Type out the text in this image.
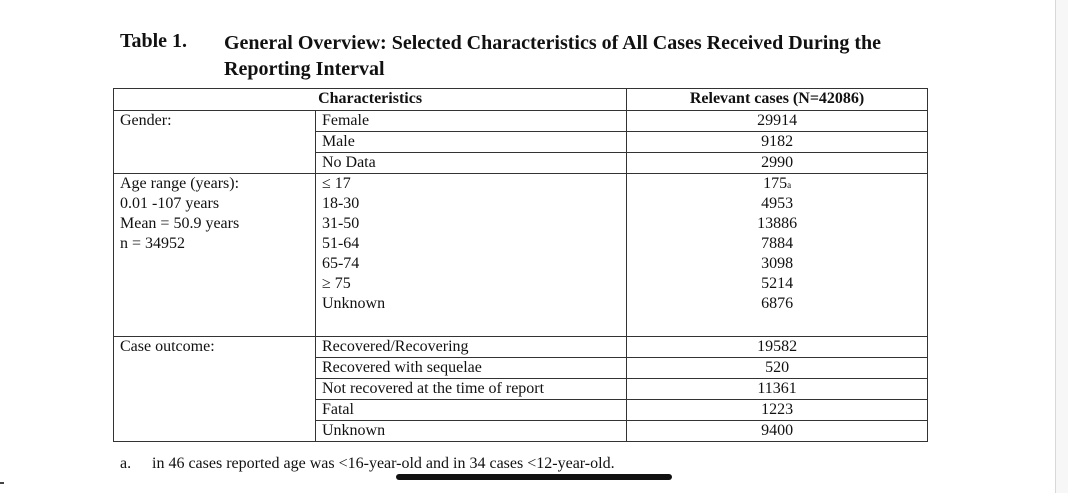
Table 1. General Overview: Selected Characteristics of All Cases Received During the Reporting Interval
Characteristics		Relevant cases (N=42086)
Gender:	Female	29914
	Male	9182
	No Data	2990

Age range (years):
0.01 -107 years
Mean = 50.9 years
n = 34952	≤ 17	175$^a$
	18-30	4953
	31-50	13886
	51-64	7884
	65-74	3098
	≥ 75	5214
	Unknown	6876

Case outcome:	Recovered/Recovering	19582
	Recovered with sequelae	520
	Not recovered at the time of report	11361
	Fatal	1223
	Unknown	9400
a. in 46 cases reported age was <16-year-old and in 34 cases <12-year-old.
